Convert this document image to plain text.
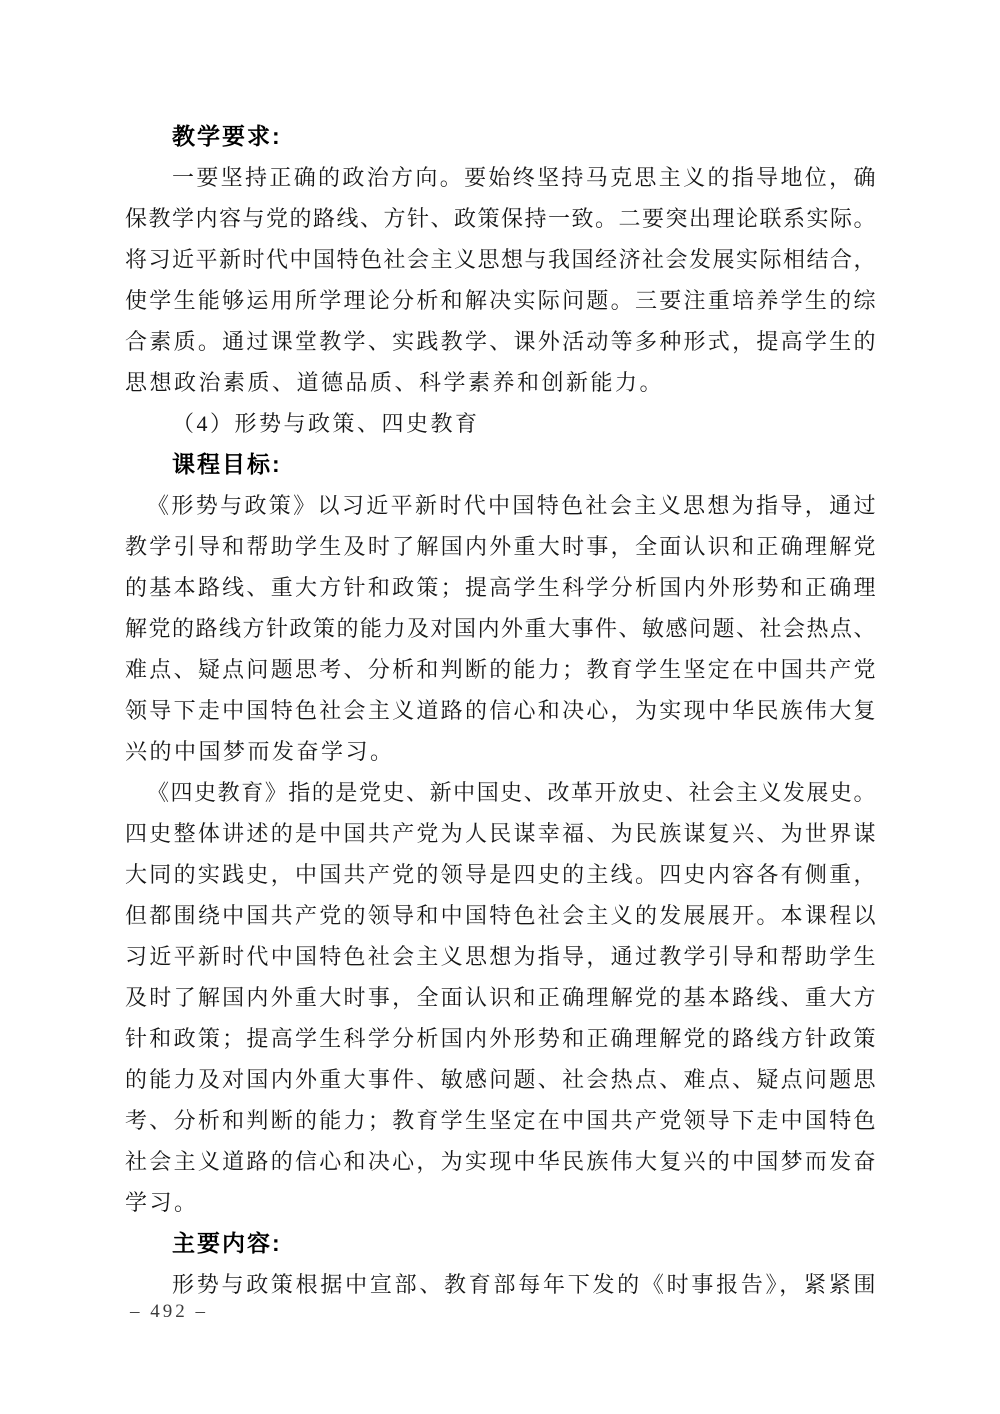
教学要求:
一要坚持正确的政治方向。要始终坚持马克思主义的指导地位，确
保教学内容与党的路线、方针、政策保持一致。二要突出理论联系实际。
将习近平新时代中国特色社会主义思想与我国经济社会发展实际相结合，
使学生能够运用所学理论分析和解决实际问题。三要注重培养学生的综
合素质。通过课堂教学、实践教学、课外活动等多种形式，提高学生的
思想政治素质、道德品质、科学素养和创新能力。
（4）形势与政策、四史教育
课程目标:
《形势与政策》以习近平新时代中国特色社会主义思想为指导，通过
教学引导和帮助学生及时了解国内外重大时事，全面认识和正确理解党
的基本路线、重大方针和政策；提高学生科学分析国内外形势和正确理
解党的路线方针政策的能力及对国内外重大事件、敏感问题、社会热点、
难点、疑点问题思考、分析和判断的能力；教育学生坚定在中国共产党
领导下走中国特色社会主义道路的信心和决心，为实现中华民族伟大复
兴的中国梦而发奋学习。
《四史教育》指的是党史、新中国史、改革开放史、社会主义发展史。
四史整体讲述的是中国共产党为人民谋幸福、为民族谋复兴、为世界谋
大同的实践史，中国共产党的领导是四史的主线。四史内容各有侧重，
但都围绕中国共产党的领导和中国特色社会主义的发展展开。本课程以
习近平新时代中国特色社会主义思想为指导，通过教学引导和帮助学生
及时了解国内外重大时事，全面认识和正确理解党的基本路线、重大方
针和政策；提高学生科学分析国内外形势和正确理解党的路线方针政策
的能力及对国内外重大事件、敏感问题、社会热点、难点、疑点问题思
考、分析和判断的能力；教育学生坚定在中国共产党领导下走中国特色
社会主义道路的信心和决心，为实现中华民族伟大复兴的中国梦而发奋
学习。
主要内容:
形势与政策根据中宣部、教育部每年下发的《时事报告》，紧紧围
– 492 –
